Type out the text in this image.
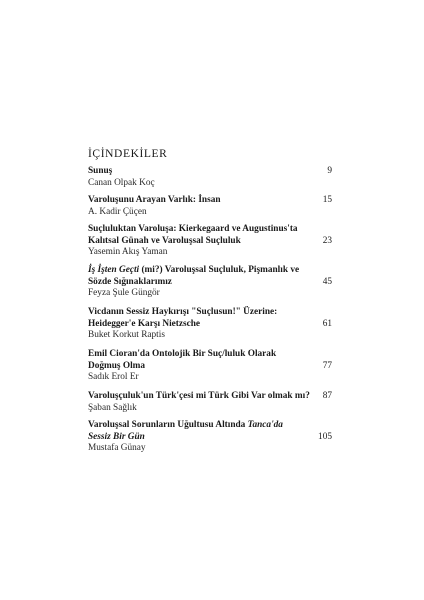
İÇİNDEKİLER
Sunuş
Canan Olpak Koç
9
Varoluşunu Arayan Varlık: İnsan
A. Kadir Çüçen
15
Suçluluktan Varoluşa: Kierkegaard ve Augustinus'ta Kalıtsal Günah ve Varoluşsal Suçluluk
Yasemin Akış Yaman
23
İş İşten Geçti (mi?) Varoluşsal Suçluluk, Pişmanlık ve Sözde Sığınaklarımız
Feyza Şule Güngör
45
Vicdanın Sessiz Haykırışı "Suçlusun!" Üzerine: Heidegger'e Karşı Nietzsche
Buket Korkut Raptis
61
Emil Cioran'da Ontolojik Bir Suç/luluk Olarak Doğmuş Olma
Sadık Erol Er
77
Varoluşçuluk'un Türk'çesi mi Türk Gibi Var olmak mı?
Şaban Sağlık
87
Varoluşsal Sorunların Uğultusu Altında Tanca'da Sessiz Bir Gün
Mustafa Günay
105
